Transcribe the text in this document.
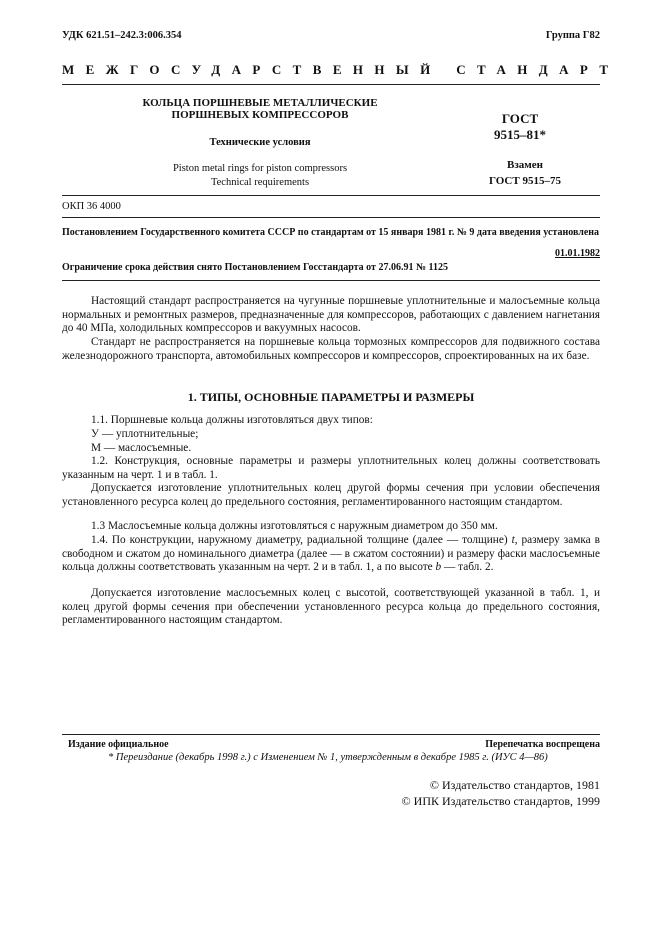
УДК 621.51–242.3:006.354	Группа Г82
МЕЖГОСУДАРСТВЕННЫЙ СТАНДАРТ
КОЛЬЦА ПОРШНЕВЫЕ МЕТАЛЛИЧЕСКИЕ
ПОРШНЕВЫХ КОМПРЕССОРОВ
Технические условия
Piston metal rings for piston compressors
Technical requirements
ГОСТ
9515–81*
Взамен
ГОСТ 9515–75
ОКП 36 4000
Постановлением Государственного комитета СССР по стандартам от 15 января 1981 г. № 9 дата введения установлена
01.01.1982
Ограничение срока действия снято Постановлением Госстандарта от 27.06.91 № 1125

Настоящий стандарт распространяется на чугунные поршневые уплотнительные и малосъемные кольца нормальных и ремонтных размеров, предназначенные для компрессоров, работающих с давлением нагнетания до 40 МПа, холодильных компрессоров и вакуумных насосов.

Стандарт не распространяется на поршневые кольца тормозных компрессоров для подвижного состава железнодорожного транспорта, автомобильных компрессоров и компрессоров, спроектированных на их базе.

1. ТИПЫ, ОСНОВНЫЕ ПАРАМЕТРЫ И РАЗМЕРЫ

1.1. Поршневые кольца должны изготовляться двух типов:

У — уплотнительные;

М — маслосъемные.

1.2. Конструкция, основные параметры и размеры уплотнительных колец должны соответствовать указанным на черт. 1 и в табл. 1.

Допускается изготовление уплотнительных колец другой формы сечения при условии обеспечения установленного ресурса колец до предельного состояния, регламентированного настоящим стандартом.

1.3 Маслосъемные кольца должны изготовляться с наружным диаметром до 350 мм.

1.4. По конструкции, наружному диаметру, радиальной толщине (далее — толщине) t, размеру замка в свободном и сжатом до номинального диаметра (далее — в сжатом состоянии) и размеру фаски маслосъемные кольца должны соответствовать указанным на черт. 2 и в табл. 1, а по высоте b — табл. 2.

Допускается изготовление маслосъемных колец с высотой, соответствующей указанной в табл. 1, и колец другой формы сечения при обеспечении установленного ресурса кольца до предельного состояния, регламентированного настоящим стандартом.

Издание официальное	Перепечатка воспрещена
* Переиздание (декабрь 1998 г.) с Изменением № 1, утвержденным в декабре 1985 г. (ИУС 4—86)
© Издательство стандартов, 1981
© ИПК Издательство стандартов, 1999
